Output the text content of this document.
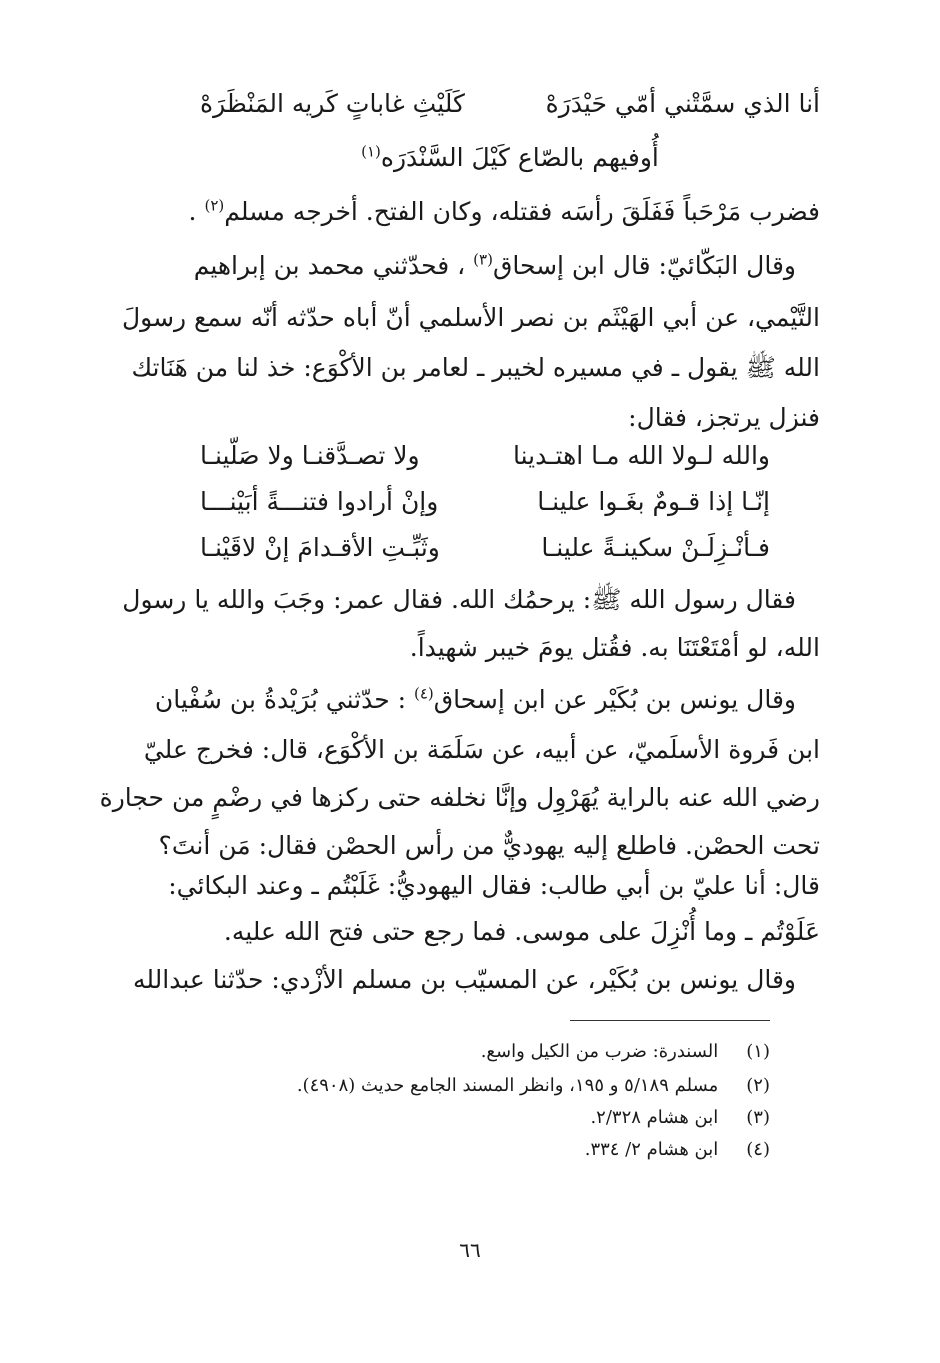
أنا الذي سمَّتْني أمّي حَيْدَرَهْ
كَلَيْثِ غاباتٍ كَريه المَنْظَرَهْ
أُوفيهم بالصّاع كَيْلَ السَّنْدَرَه$^{(١)}$
فضرب مَرْحَباً فَفَلَقَ رأسَه فقتله، وكان الفتح. أخرجه مسلم$^{(٢)}$ .
وقال البَكّائيّ: قال ابن إسحاق$^{(٣)}$ ، فحدّثني محمد بن إبراهيم
التَّيْمي، عن أبي الهَيْثَم بن نصر الأسلمي أنّ أباه حدّثه أنّه سمع رسولَ
الله ﷺ يقول ـ في مسيره لخيبر ـ لعامر بن الأكْوَع: خذ لنا من هَنَاتك
فنزل يرتجز، فقال:
والله لـولا الله مـا اهتـدينا
ولا تصـدَّقنـا ولا صَلّينـا
إنّـا إذا قـومٌ بغَـوا علينـا
وإنْ أرادوا فتنـــةً أبَيْنـــا
فـأنْـزِلَـنْ سكينـةً علينـا
وثَبِّـتِ الأقـدامَ إنْ لاقَيْنـا
فقال رسول الله ﷺ: يرحمُك الله. فقال عمر: وجَبَ والله يا رسول
الله، لو أمْتَعْتَنَا به. فقُتل يومَ خيبر شهيداً.
وقال يونس بن بُكَيْر عن ابن إسحاق$^{(٤)}$ : حدّثني بُرَيْدةُ بن سُفْيان
ابن فَروة الأسلَميّ، عن أبيه، عن سَلَمَة بن الأكْوَع، قال: فخرج عليّ
رضي الله عنه بالراية يُهَرْوِل وإنَّا نخلفه حتى ركزها في رضْمٍ من حجارة
تحت الحصْن. فاطلع إليه يهوديٌّ من رأس الحصْن فقال: مَن أنتَ؟
قال: أنا عليّ بن أبي طالب: فقال اليهوديُّ: غَلَبْتُم ـ وعند البكائي:
عَلَوْتُم ـ وما أُنْزِلَ على موسى. فما رجع حتى فتح الله عليه.
وقال يونس بن بُكَيْر، عن المسيّب بن مسلم الأزْدي: حدّثنا عبدالله
(١) السندرة: ضرب من الكيل واسع.
(٢) مسلم ٥/١٨٩ و ١٩٥، وانظر المسند الجامع حديث (٤٩٠٨).
(٣) ابن هشام ٢/٣٢٨.
(٤) ابن هشام ٢/ ٣٣٤.
٦٦
